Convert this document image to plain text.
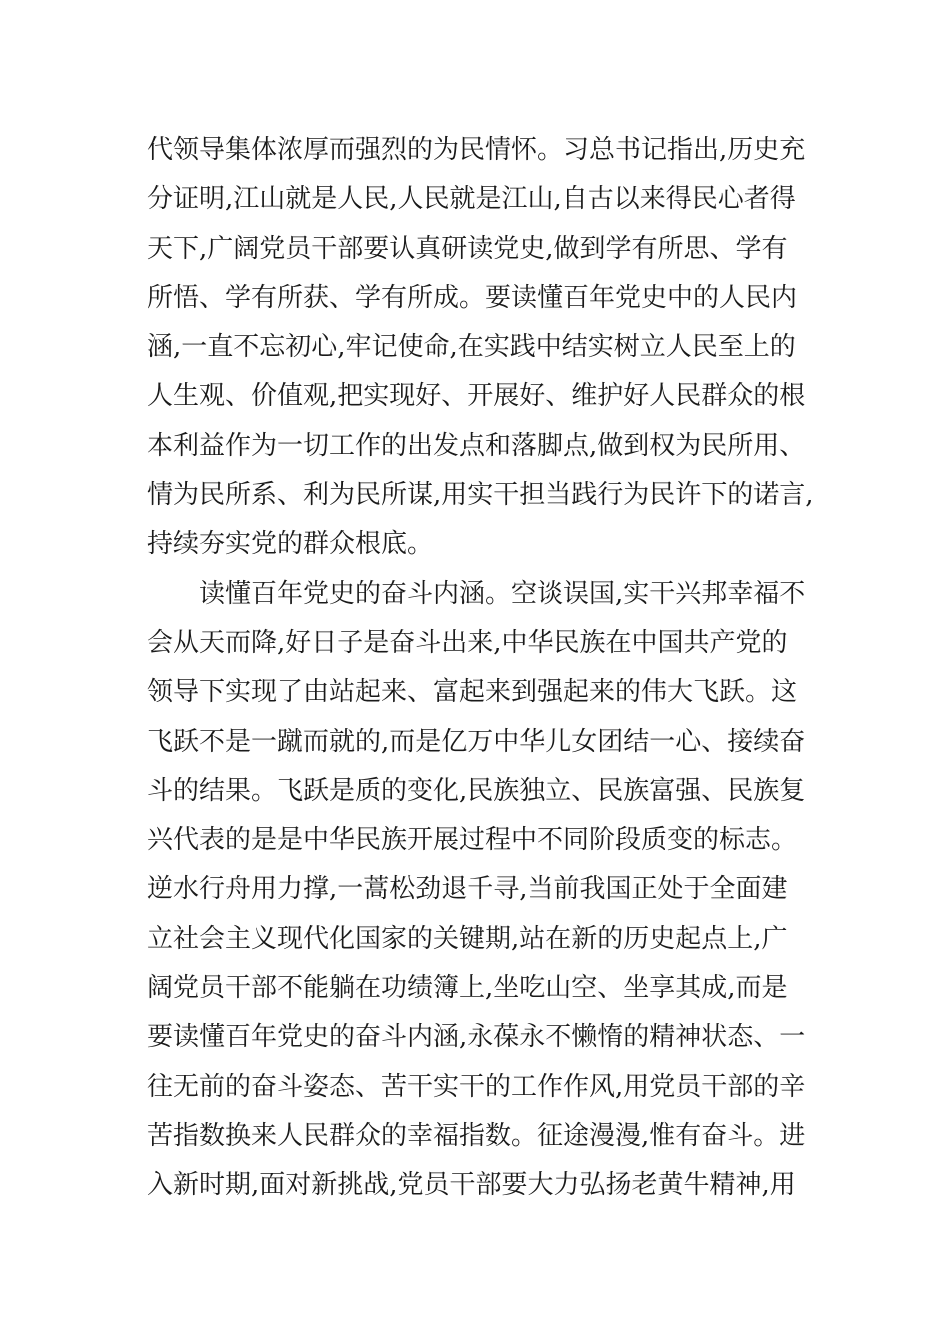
代领导集体浓厚而强烈的为民情怀。习总书记指出,历史充
分证明,江山就是人民,人民就是江山,自古以来得民心者得
天下,广阔党员干部要认真研读党史,做到学有所思、学有
所悟、学有所获、学有所成。要读懂百年党史中的人民内
涵,一直不忘初心,牢记使命,在实践中结实树立人民至上的
人生观、价值观,把实现好、开展好、维护好人民群众的根
本利益作为一切工作的出发点和落脚点,做到权为民所用、
情为民所系、利为民所谋,用实干担当践行为民许下的诺言,
持续夯实党的群众根底。
读懂百年党史的奋斗内涵。空谈误国,实干兴邦幸福不
会从天而降,好日子是奋斗出来,中华民族在中国共产党的
领导下实现了由站起来、富起来到强起来的伟大飞跃。这
飞跃不是一蹴而就的,而是亿万中华儿女团结一心、接续奋
斗的结果。飞跃是质的变化,民族独立、民族富强、民族复
兴代表的是是中华民族开展过程中不同阶段质变的标志。
逆水行舟用力撑,一蒿松劲退千寻,当前我国正处于全面建
立社会主义现代化国家的关键期,站在新的历史起点上,广
阔党员干部不能躺在功绩簿上,坐吃山空、坐享其成,而是
要读懂百年党史的奋斗内涵,永葆永不懒惰的精神状态、一
往无前的奋斗姿态、苦干实干的工作作风,用党员干部的辛
苦指数换来人民群众的幸福指数。征途漫漫,惟有奋斗。进
入新时期,面对新挑战,党员干部要大力弘扬老黄牛精神,用
